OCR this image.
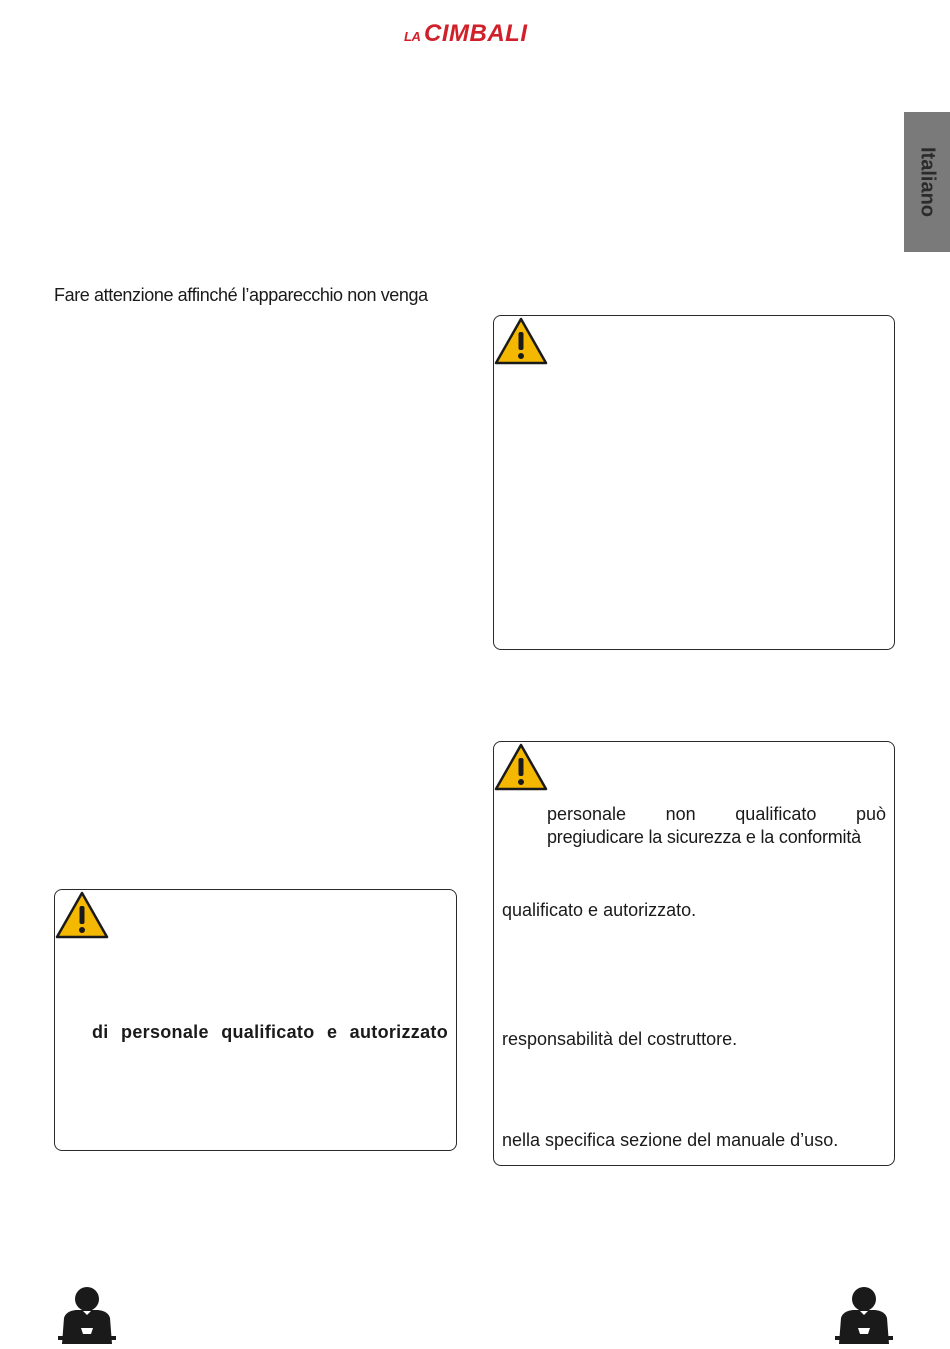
LA CIMBALI
Italiano
Fare attenzione affinché l’apparecchio non venga
personale non qualificato può
pregiudicare la sicurezza e la conformità
qualificato e autorizzato.
responsabilità del costruttore.
nella specifica sezione del manuale d’uso.
di personale qualificato e autorizzato
